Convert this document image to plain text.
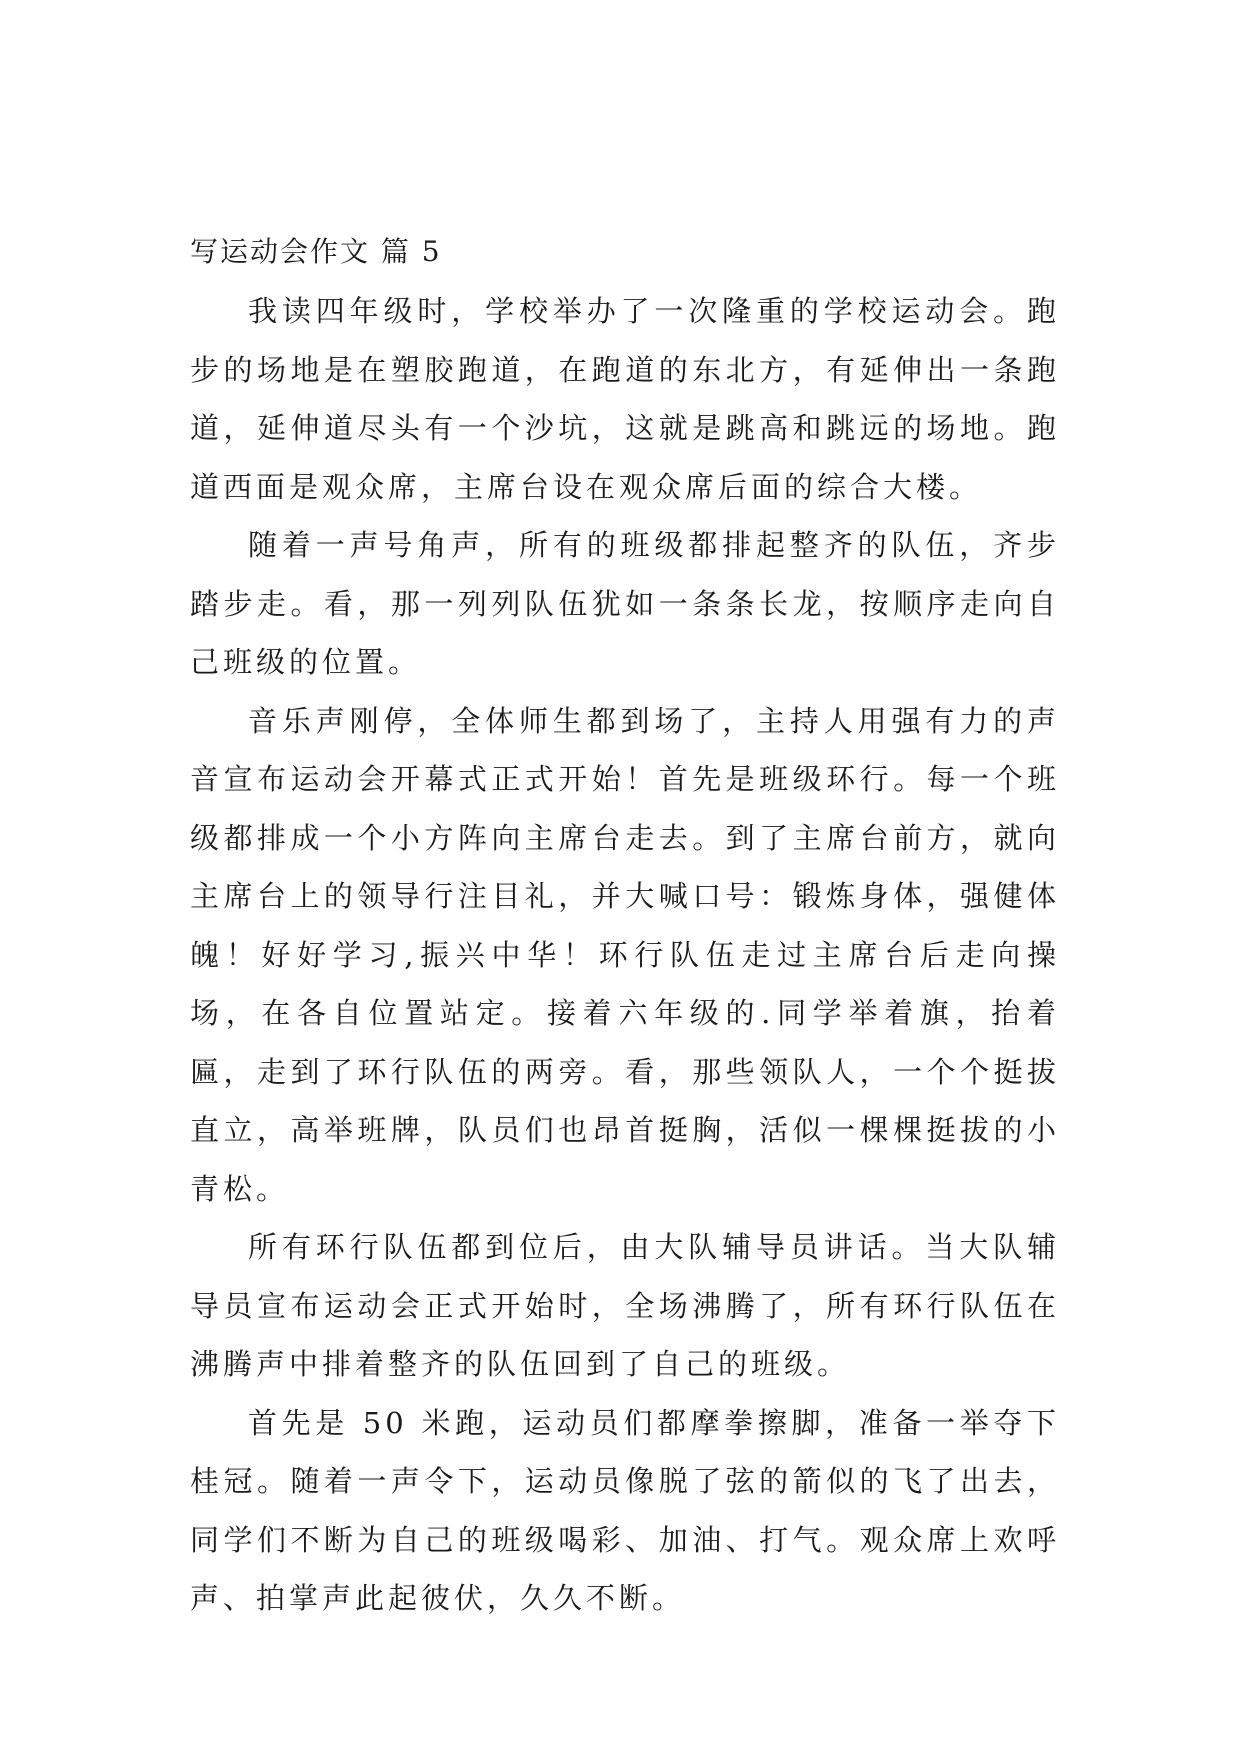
写运动会作文 篇 5

我读四年级时，学校举办了一次隆重的学校运动会。跑步的场地是在塑胶跑道，在跑道的东北方，有延伸出一条跑道，延伸道尽头有一个沙坑，这就是跳高和跳远的场地。跑道西面是观众席，主席台设在观众席后面的综合大楼。

随着一声号角声，所有的班级都排起整齐的队伍，齐步踏步走。看，那一列列队伍犹如一条条长龙，按顺序走向自己班级的位置。

音乐声刚停，全体师生都到场了，主持人用强有力的声音宣布运动会开幕式正式开始！首先是班级环行。每一个班级都排成一个小方阵向主席台走去。到了主席台前方，就向主席台上的领导行注目礼，并大喊口号：锻炼身体，强健体魄！好好学习,振兴中华！环行队伍走过主席台后走向操场，在各自位置站定。接着六年级的.同学举着旗，抬着匾，走到了环行队伍的两旁。看，那些领队人，一个个挺拔直立，高举班牌，队员们也昂首挺胸，活似一棵棵挺拔的小青松。

所有环行队伍都到位后，由大队辅导员讲话。当大队辅导员宣布运动会正式开始时，全场沸腾了，所有环行队伍在沸腾声中排着整齐的队伍回到了自己的班级。

首先是 50 米跑，运动员们都摩拳擦脚，准备一举夺下桂冠。随着一声令下，运动员像脱了弦的箭似的飞了出去，同学们不断为自己的班级喝彩、加油、打气。观众席上欢呼声、拍掌声此起彼伏，久久不断。
